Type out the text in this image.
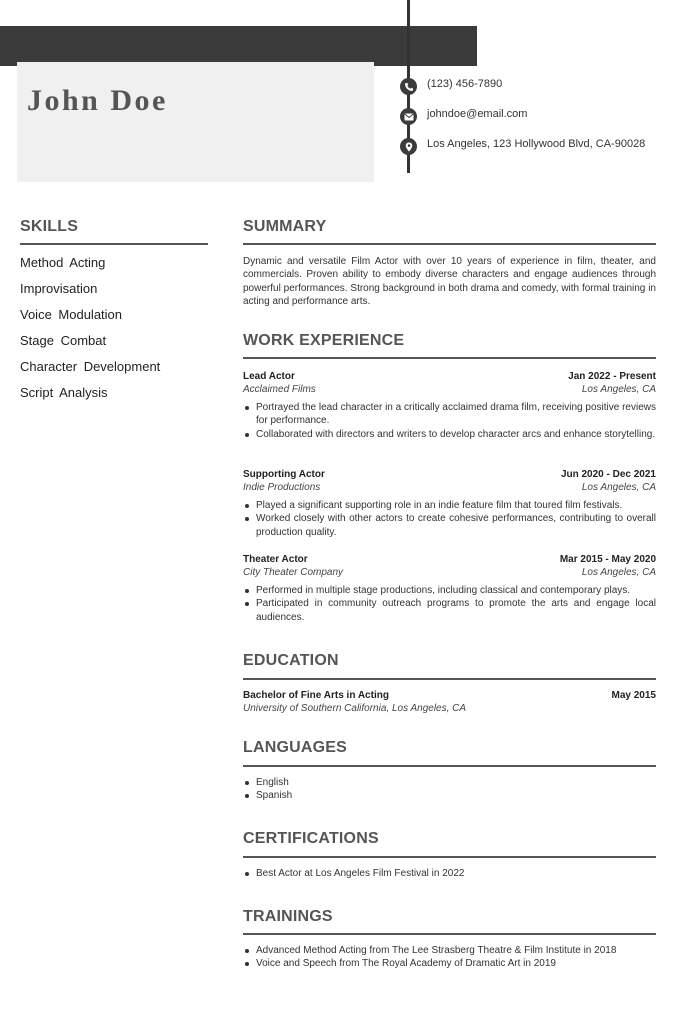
John Doe	(123) 456-7890
johndoe@email.com
Los Angeles, 123 Hollywood Blvd, CA-90028
SKILLS
Method Acting
Improvisation
Voice Modulation
Stage Combat
Character Development
Script Analysis
SUMMARY

Dynamic and versatile Film Actor with over 10 years of experience in film, theater, and commercials. Proven ability to embody diverse characters and engage audiences through powerful performances. Strong background in both drama and comedy, with formal training in acting and performance arts.

WORK EXPERIENCE
Lead Actor	Jan 2022 - Present
Acclaimed Films	Los Angeles, CA
Portrayed the lead character in a critically acclaimed drama film, receiving positive reviews for performance.
Collaborated with directors and writers to develop character arcs and enhance storytelling.
Supporting Actor	Jun 2020 - Dec 2021
Indie Productions	Los Angeles, CA
Played a significant supporting role in an indie feature film that toured film festivals.
Worked closely with other actors to create cohesive performances, contributing to overall production quality.
Theater Actor	Mar 2015 - May 2020
City Theater Company	Los Angeles, CA
Performed in multiple stage productions, including classical and contemporary plays.
Participated in community outreach programs to promote the arts and engage local audiences.
EDUCATION
Bachelor of Fine Arts in Acting	May 2015
University of Southern California, Los Angeles, CA
LANGUAGES
English
Spanish
CERTIFICATIONS
Best Actor at Los Angeles Film Festival in 2022
TRAININGS
Advanced Method Acting from The Lee Strasberg Theatre & Film Institute in 2018
Voice and Speech from The Royal Academy of Dramatic Art in 2019
